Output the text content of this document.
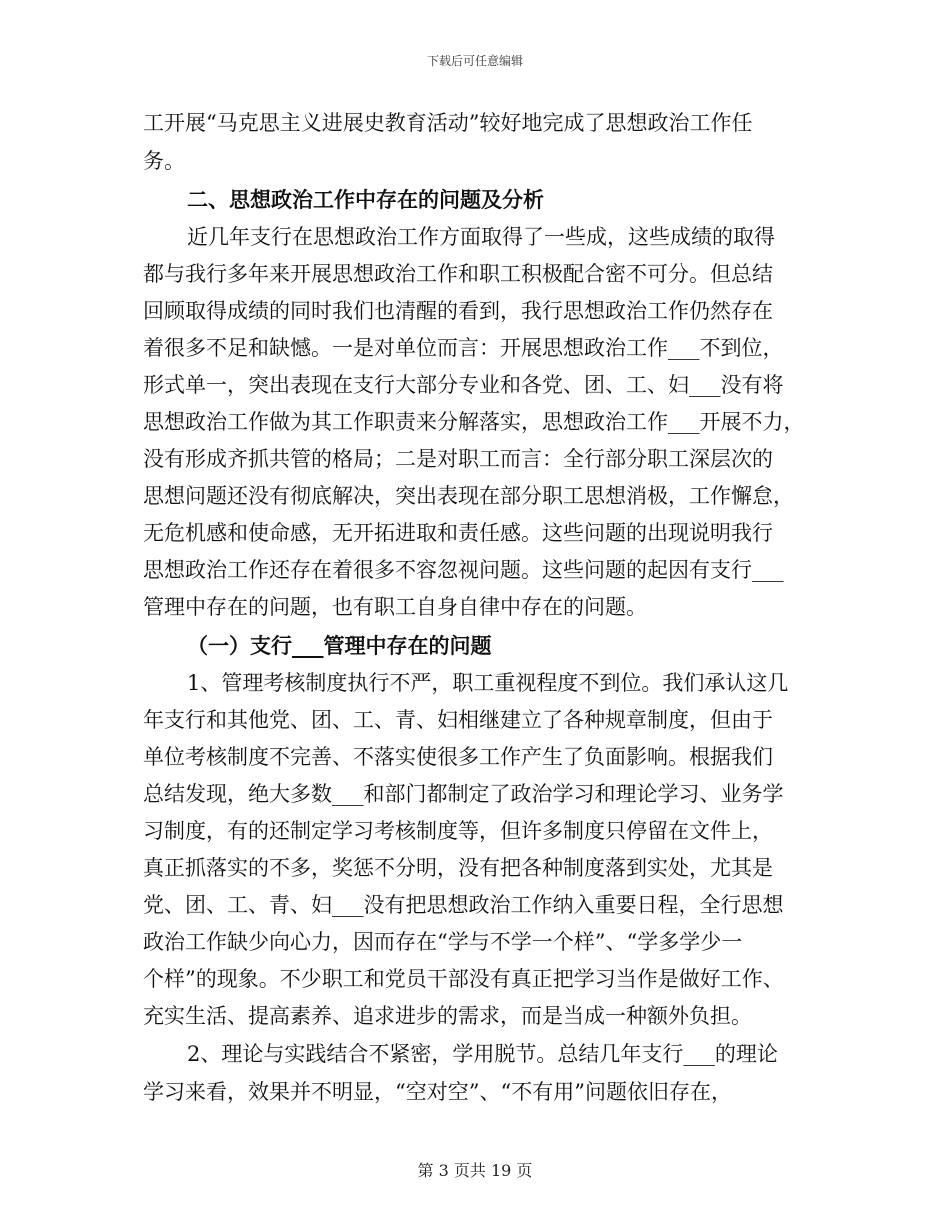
下载后可任意编辑
工开展“马克思主义进展史教育活动”较好地完成了思想政治工作任
务。
二、思想政治工作中存在的问题及分析
近几年支行在思想政治工作方面取得了一些成，这些成绩的取得
都与我行多年来开展思想政治工作和职工积极配合密不可分。但总结
回顾取得成绩的同时我们也清醒的看到，我行思想政治工作仍然存在
着很多不足和缺憾。一是对单位而言：开展思想政治工作___不到位，
形式单一，突出表现在支行大部分专业和各党、团、工、妇___没有将
思想政治工作做为其工作职责来分解落实，思想政治工作___开展不力，
没有形成齐抓共管的格局；二是对职工而言：全行部分职工深层次的
思想问题还没有彻底解决，突出表现在部分职工思想消极，工作懈怠，
无危机感和使命感，无开拓进取和责任感。这些问题的出现说明我行
思想政治工作还存在着很多不容忽视问题。这些问题的起因有支行___
管理中存在的问题，也有职工自身自律中存在的问题。
（一）支行___管理中存在的问题
1、管理考核制度执行不严，职工重视程度不到位。我们承认这几
年支行和其他党、团、工、青、妇相继建立了各种规章制度，但由于
单位考核制度不完善、不落实使很多工作产生了负面影响。根据我们
总结发现，绝大多数___和部门都制定了政治学习和理论学习、业务学
习制度，有的还制定学习考核制度等，但许多制度只停留在文件上，
真正抓落实的不多，奖惩不分明，没有把各种制度落到实处，尤其是
党、团、工、青、妇___没有把思想政治工作纳入重要日程，全行思想
政治工作缺少向心力，因而存在“学与不学一个样”、“学多学少一
个样”的现象。不少职工和党员干部没有真正把学习当作是做好工作、
充实生活、提高素养、追求进步的需求，而是当成一种额外负担。
2、理论与实践结合不紧密，学用脱节。总结几年支行___的理论
学习来看，效果并不明显，“空对空”、“不有用”问题依旧存在，
第 3 页共 19 页
